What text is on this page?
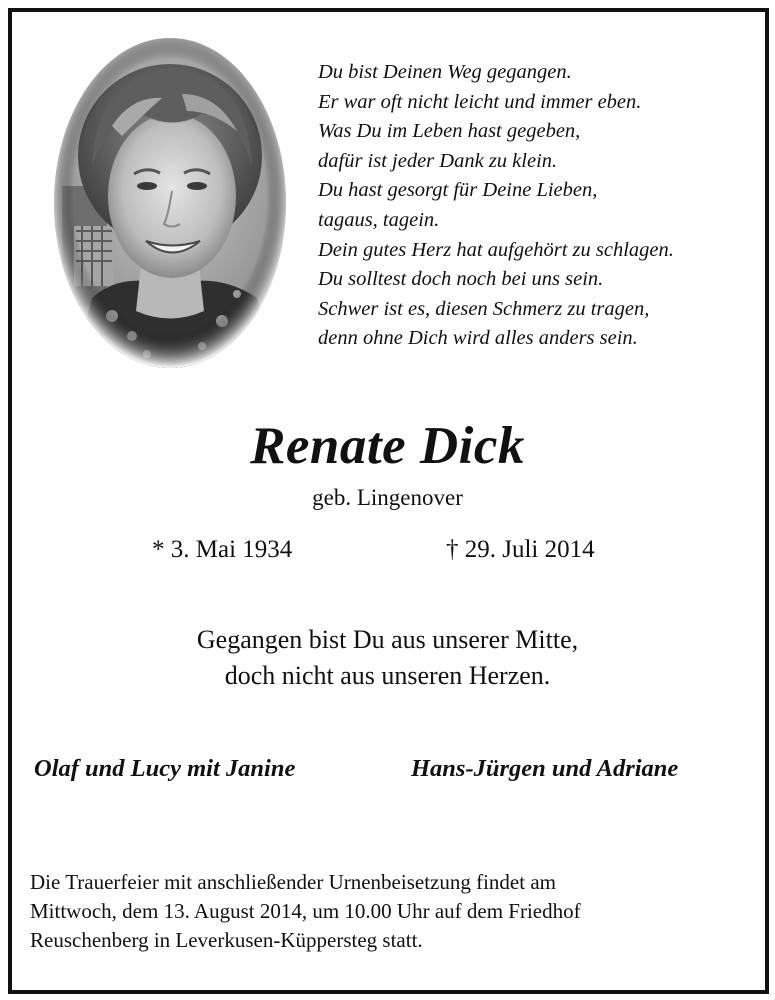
Du bist Deinen Weg gegangen.
Er war oft nicht leicht und immer eben.
Was Du im Leben hast gegeben,
dafür ist jeder Dank zu klein.
Du hast gesorgt für Deine Lieben,
tagaus, tagein.
Dein gutes Herz hat aufgehört zu schlagen.
Du solltest doch noch bei uns sein.
Schwer ist es, diesen Schmerz zu tragen,
denn ohne Dich wird alles anders sein.
Renate Dick
geb. Lingenover
* 3. Mai 1934	† 29. Juli 2014
Gegangen bist Du aus unserer Mitte,
doch nicht aus unseren Herzen.
Olaf und Lucy mit Janine	Hans-Jürgen und Adriane
Die Trauerfeier mit anschließender Urnenbeisetzung findet am
Mittwoch, dem 13. August 2014, um 10.00 Uhr auf dem Friedhof
Reuschenberg in Leverkusen-Küppersteg statt.
